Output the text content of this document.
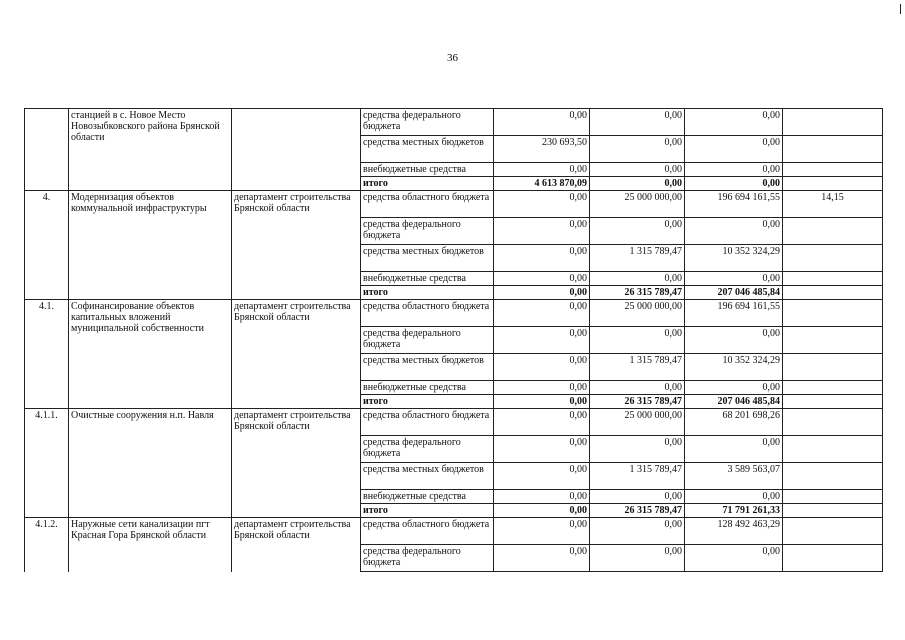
36
	станцией в с. Новое Место Новозыбковского района Брянской области		средства федерального бюджета	0,00	0,00	0,00	
			средства местных бюджетов	230 693,50	0,00	0,00	
			внебюджетные средства	0,00	0,00	0,00	
			итого	4 613 870,09	0,00	0,00	
4.	Модернизация объектов коммунальной инфраструктуры	департамент строительства Брянской области	средства областного бюджета	0,00	25 000 000,00	196 694 161,55	14,15
			средства федерального бюджета	0,00	0,00	0,00	
			средства местных бюджетов	0,00	1 315 789,47	10 352 324,29	
			внебюджетные средства	0,00	0,00	0,00	
			итого	0,00	26 315 789,47	207 046 485,84	
4.1.	Софинансирование объектов капитальных вложений муниципальной собственности	департамент строительства Брянской области	средства областного бюджета	0,00	25 000 000,00	196 694 161,55	
			средства федерального бюджета	0,00	0,00	0,00	
			средства местных бюджетов	0,00	1 315 789,47	10 352 324,29	
			внебюджетные средства	0,00	0,00	0,00	
			итого	0,00	26 315 789,47	207 046 485,84	
4.1.1.	Очистные сооружения н.п. Навля	департамент строительства Брянской области	средства областного бюджета	0,00	25 000 000,00	68 201 698,26	
			средства федерального бюджета	0,00	0,00	0,00	
			средства местных бюджетов	0,00	1 315 789,47	3 589 563,07	
			внебюджетные средства	0,00	0,00	0,00	
			итого	0,00	26 315 789,47	71 791 261,33	
4.1.2.	Наружные сети канализации пгт Красная Гора Брянской области	департамент строительства Брянской области	средства областного бюджета	0,00	0,00	128 492 463,29	
			средства федерального бюджета	0,00	0,00	0,00	
